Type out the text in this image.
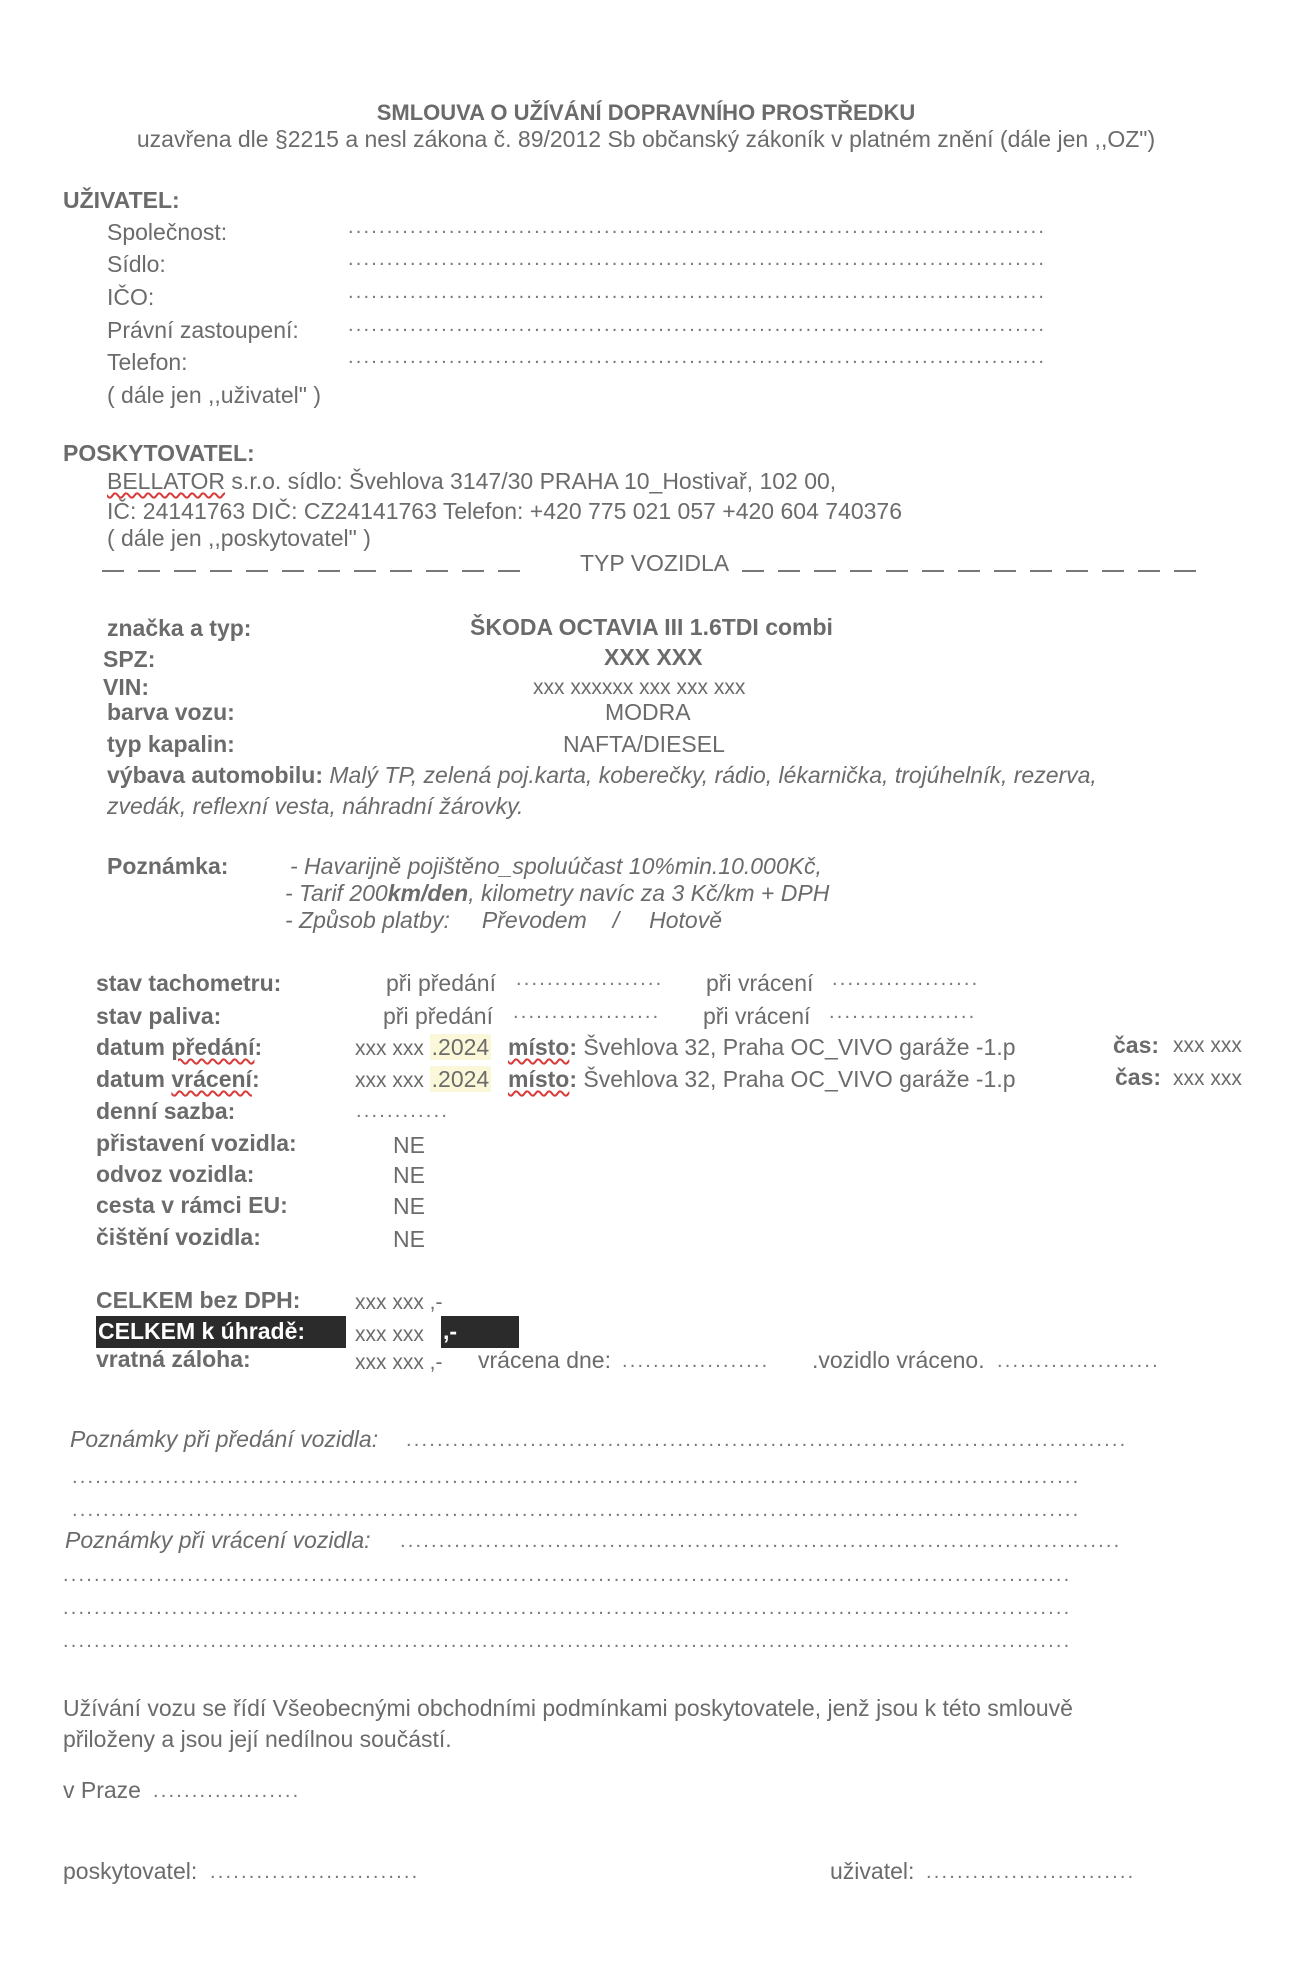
SMLOUVA O UŽÍVÁNÍ DOPRAVNÍHO PROSTŘEDKU
uzavřena dle §2215 a nesl zákona č. 89/2012 Sb občanský zákoník v platném znění (dále jen ,,OZ")
UŽIVATEL:
Společnost:	..........................................................................................
Sídlo:	..........................................................................................
IČO:	..........................................................................................
Právní zastoupení: ..........................................................................................
Telefon:	..........................................................................................
( dále jen ,,uživatel" )
POSKYTOVATEL:
BELLATOR s.r.o. sídlo: Švehlova 3147/30 PRAHA 10_Hostivař, 102 00,
IČ: 24141763 DIČ: CZ24141763 Telefon: +420 775 021 057 +420 604 740376
( dále jen ,,poskytovatel" )
TYP VOZIDLA
značka a typ:	ŠKODA OCTAVIA III 1.6TDI combi
SPZ:	XXX XXX
VIN:	xxx xxxxxx xxx xxx xxx
barva vozu:	MODRA
typ kapalin:	NAFTA/DIESEL
výbava automobilu: Malý TP, zelená poj.karta, koberečky, rádio, lékarnička, trojúhelník, rezerva,
zvedák, reflexní vesta, náhradní žárovky.
Poznámka:	- Havarijně pojištěno_spoluúčast 10%min.10.000Kč,
- Tarif 200km/den, kilometry navíc za 3 Kč/km + DPH
- Způsob platby: Převodem / Hotově
stav tachometru:	při předání ...................	při vrácení ...................
stav paliva:	při předání ...................	při vrácení ...................
datum předání:	xxx xxx .2024 místo: Švehlova 32, Praha OC_VIVO garáže -1.p	čas: xxx xxx
datum vrácení:	xxx xxx .2024 místo: Švehlova 32, Praha OC_VIVO garáže -1.p	čas: xxx xxx
denní sazba:	............
přistavení vozidla:	NE
odvoz vozidla:	NE
cesta v rámci EU:	NE
čištění vozidla:	NE
CELKEM bez DPH:	xxx xxx ,-
CELKEM k úhradě: xxx xxx ,-
vratná záloha:	xxx xxx ,- vrácena dne: ...................	.vozidlo vráceno. .....................
Poznámky při předání vozidla: .............................................................................................
..................................................................................................................................
..................................................................................................................................
Poznámky při vrácení vozidla: .............................................................................................
..................................................................................................................................
..................................................................................................................................
..................................................................................................................................
Užívání vozu se řídí Všeobecnými obchodními podmínkami poskytovatele, jenž jsou k této smlouvě
přiloženy a jsou její nedílnou součástí.
v Praze ...................
poskytovatel: ...........................	uživatel: ...........................
